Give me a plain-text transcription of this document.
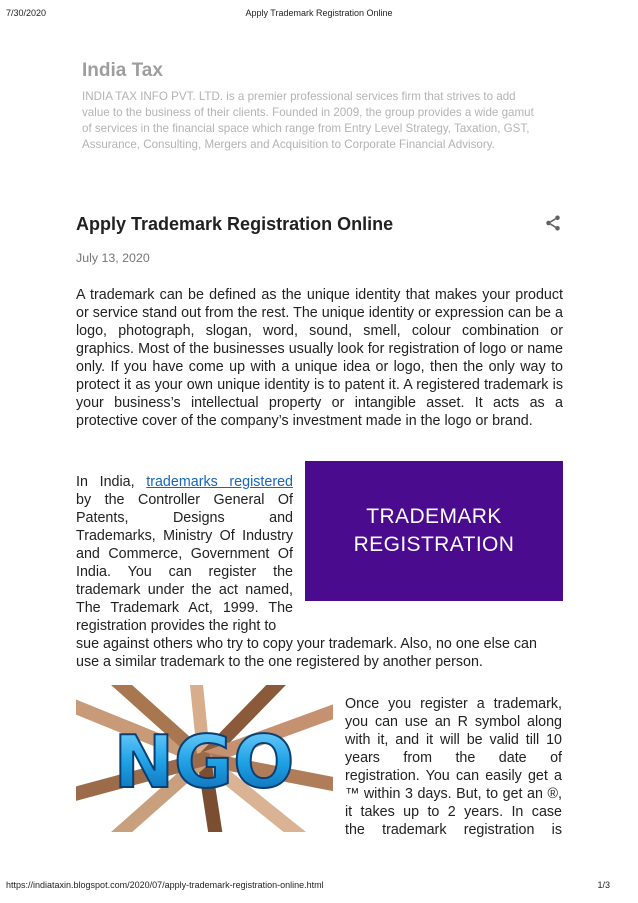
7/30/2020	Apply Trademark Registration Online
India Tax

INDIA TAX INFO PVT. LTD. is a premier professional services firm that strives to add value to the business of their clients. Founded in 2009, the group provides a wide gamut of services in the financial space which range from Entry Level Strategy, Taxation, GST, Assurance, Consulting, Mergers and Acquisition to Corporate Financial Advisory.

Apply Trademark Registration Online
July 13, 2020

A trademark can be defined as the unique identity that makes your product or service stand out from the rest. The unique identity or expression can be a logo, photograph, slogan, word, sound, smell, colour combination or graphics. Most of the businesses usually look for registration of logo or name only. If you have come up with a unique idea or logo, then the only way to protect it as your own unique identity is to patent it. A registered trademark is your business’s intellectual property or intangible asset. It acts as a protective cover of the company’s investment made in the logo or brand.

In India, trademarks registered
by the Controller General Of
Patents, Designs and
Trademarks, Ministry Of Industry
and Commerce, Government Of
India. You can register the
trademark under the act named,
The Trademark Act, 1999. The
registration provides the right to
sue against others who try to copy your trademark. Also, no one else can
use a similar trademark to the one registered by another person.
TRADEMARK
REGISTRATION
NGO
Once you register a trademark,
you can use an R symbol along
with it, and it will be valid till 10
years from the date of
registration. You can easily get a
™ within 3 days. But, to get an ®,
it takes up to 2 years. In case
the trademark registration is
https://indiataxin.blogspot.com/2020/07/apply-trademark-registration-online.html	1/3
